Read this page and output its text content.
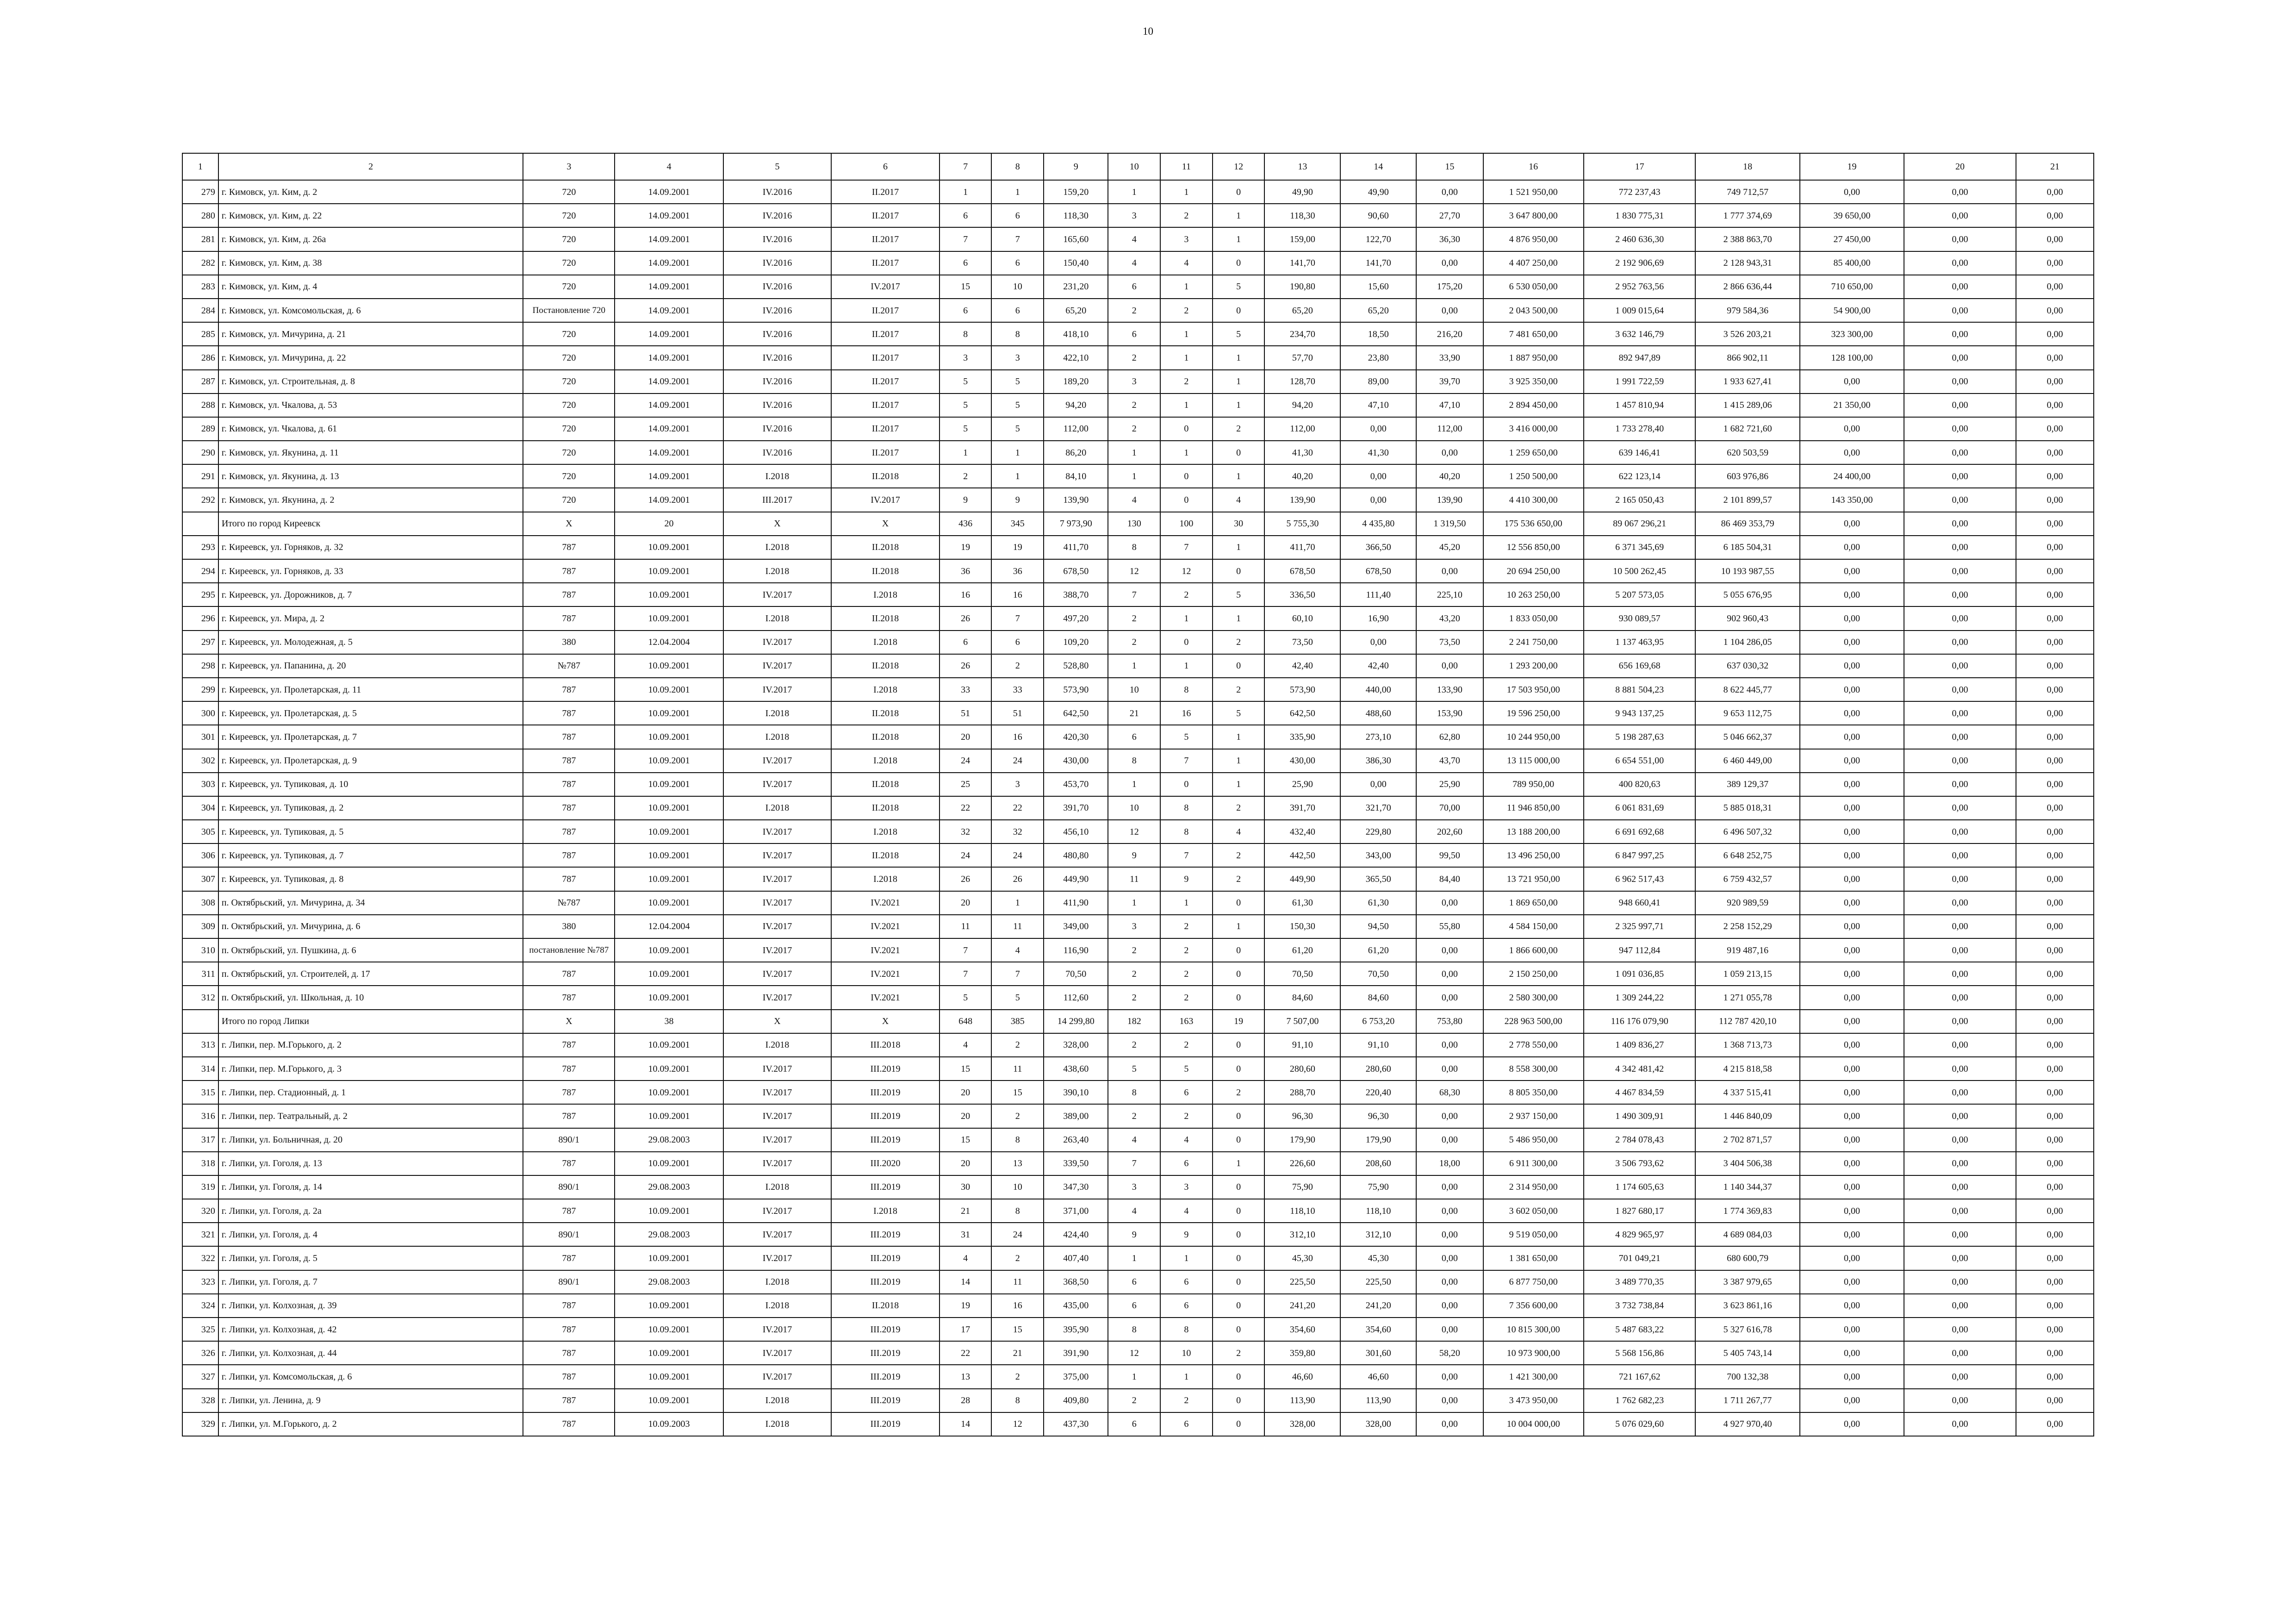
10
1	2	3	4	5	6	7	8	9	10	11	12	13	14	15	16	17	18	19	20	21
279	г. Кимовск, ул. Ким, д. 2	720	14.09.2001	IV.2016	II.2017	1	1	159,20	1	1	0	49,90	49,90	0,00	1 521 950,00	772 237,43	749 712,57	0,00	0,00	0,00
280	г. Кимовск, ул. Ким, д. 22	720	14.09.2001	IV.2016	II.2017	6	6	118,30	3	2	1	118,30	90,60	27,70	3 647 800,00	1 830 775,31	1 777 374,69	39 650,00	0,00	0,00
281	г. Кимовск, ул. Ким, д. 26а	720	14.09.2001	IV.2016	II.2017	7	7	165,60	4	3	1	159,00	122,70	36,30	4 876 950,00	2 460 636,30	2 388 863,70	27 450,00	0,00	0,00
282	г. Кимовск, ул. Ким, д. 38	720	14.09.2001	IV.2016	II.2017	6	6	150,40	4	4	0	141,70	141,70	0,00	4 407 250,00	2 192 906,69	2 128 943,31	85 400,00	0,00	0,00
283	г. Кимовск, ул. Ким, д. 4	720	14.09.2001	IV.2016	IV.2017	15	10	231,20	6	1	5	190,80	15,60	175,20	6 530 050,00	2 952 763,56	2 866 636,44	710 650,00	0,00	0,00
284	г. Кимовск, ул. Комсомольская, д. 6	Постановление 720	14.09.2001	IV.2016	II.2017	6	6	65,20	2	2	0	65,20	65,20	0,00	2 043 500,00	1 009 015,64	979 584,36	54 900,00	0,00	0,00
285	г. Кимовск, ул. Мичурина, д. 21	720	14.09.2001	IV.2016	II.2017	8	8	418,10	6	1	5	234,70	18,50	216,20	7 481 650,00	3 632 146,79	3 526 203,21	323 300,00	0,00	0,00
286	г. Кимовск, ул. Мичурина, д. 22	720	14.09.2001	IV.2016	II.2017	3	3	422,10	2	1	1	57,70	23,80	33,90	1 887 950,00	892 947,89	866 902,11	128 100,00	0,00	0,00
287	г. Кимовск, ул. Строительная, д. 8	720	14.09.2001	IV.2016	II.2017	5	5	189,20	3	2	1	128,70	89,00	39,70	3 925 350,00	1 991 722,59	1 933 627,41	0,00	0,00	0,00
288	г. Кимовск, ул. Чкалова, д. 53	720	14.09.2001	IV.2016	II.2017	5	5	94,20	2	1	1	94,20	47,10	47,10	2 894 450,00	1 457 810,94	1 415 289,06	21 350,00	0,00	0,00
289	г. Кимовск, ул. Чкалова, д. 61	720	14.09.2001	IV.2016	II.2017	5	5	112,00	2	0	2	112,00	0,00	112,00	3 416 000,00	1 733 278,40	1 682 721,60	0,00	0,00	0,00
290	г. Кимовск, ул. Якунина, д. 11	720	14.09.2001	IV.2016	II.2017	1	1	86,20	1	1	0	41,30	41,30	0,00	1 259 650,00	639 146,41	620 503,59	0,00	0,00	0,00
291	г. Кимовск, ул. Якунина, д. 13	720	14.09.2001	I.2018	II.2018	2	1	84,10	1	0	1	40,20	0,00	40,20	1 250 500,00	622 123,14	603 976,86	24 400,00	0,00	0,00
292	г. Кимовск, ул. Якунина, д. 2	720	14.09.2001	III.2017	IV.2017	9	9	139,90	4	0	4	139,90	0,00	139,90	4 410 300,00	2 165 050,43	2 101 899,57	143 350,00	0,00	0,00
	Итого по город Киреевск	X	20	X	X	436	345	7 973,90	130	100	30	5 755,30	4 435,80	1 319,50	175 536 650,00	89 067 296,21	86 469 353,79	0,00	0,00	0,00
293	г. Киреевск, ул. Горняков, д. 32	787	10.09.2001	I.2018	II.2018	19	19	411,70	8	7	1	411,70	366,50	45,20	12 556 850,00	6 371 345,69	6 185 504,31	0,00	0,00	0,00
294	г. Киреевск, ул. Горняков, д. 33	787	10.09.2001	I.2018	II.2018	36	36	678,50	12	12	0	678,50	678,50	0,00	20 694 250,00	10 500 262,45	10 193 987,55	0,00	0,00	0,00
295	г. Киреевск, ул. Дорожников, д. 7	787	10.09.2001	IV.2017	I.2018	16	16	388,70	7	2	5	336,50	111,40	225,10	10 263 250,00	5 207 573,05	5 055 676,95	0,00	0,00	0,00
296	г. Киреевск, ул. Мира, д. 2	787	10.09.2001	I.2018	II.2018	26	7	497,20	2	1	1	60,10	16,90	43,20	1 833 050,00	930 089,57	902 960,43	0,00	0,00	0,00
297	г. Киреевск, ул. Молодежная, д. 5	380	12.04.2004	IV.2017	I.2018	6	6	109,20	2	0	2	73,50	0,00	73,50	2 241 750,00	1 137 463,95	1 104 286,05	0,00	0,00	0,00
298	г. Киреевск, ул. Папанина, д. 20	№787	10.09.2001	IV.2017	II.2018	26	2	528,80	1	1	0	42,40	42,40	0,00	1 293 200,00	656 169,68	637 030,32	0,00	0,00	0,00
299	г. Киреевск, ул. Пролетарская, д. 11	787	10.09.2001	IV.2017	I.2018	33	33	573,90	10	8	2	573,90	440,00	133,90	17 503 950,00	8 881 504,23	8 622 445,77	0,00	0,00	0,00
300	г. Киреевск, ул. Пролетарская, д. 5	787	10.09.2001	I.2018	II.2018	51	51	642,50	21	16	5	642,50	488,60	153,90	19 596 250,00	9 943 137,25	9 653 112,75	0,00	0,00	0,00
301	г. Киреевск, ул. Пролетарская, д. 7	787	10.09.2001	I.2018	II.2018	20	16	420,30	6	5	1	335,90	273,10	62,80	10 244 950,00	5 198 287,63	5 046 662,37	0,00	0,00	0,00
302	г. Киреевск, ул. Пролетарская, д. 9	787	10.09.2001	IV.2017	I.2018	24	24	430,00	8	7	1	430,00	386,30	43,70	13 115 000,00	6 654 551,00	6 460 449,00	0,00	0,00	0,00
303	г. Киреевск, ул. Тупиковая, д. 10	787	10.09.2001	IV.2017	II.2018	25	3	453,70	1	0	1	25,90	0,00	25,90	789 950,00	400 820,63	389 129,37	0,00	0,00	0,00
304	г. Киреевск, ул. Тупиковая, д. 2	787	10.09.2001	I.2018	II.2018	22	22	391,70	10	8	2	391,70	321,70	70,00	11 946 850,00	6 061 831,69	5 885 018,31	0,00	0,00	0,00
305	г. Киреевск, ул. Тупиковая, д. 5	787	10.09.2001	IV.2017	I.2018	32	32	456,10	12	8	4	432,40	229,80	202,60	13 188 200,00	6 691 692,68	6 496 507,32	0,00	0,00	0,00
306	г. Киреевск, ул. Тупиковая, д. 7	787	10.09.2001	IV.2017	II.2018	24	24	480,80	9	7	2	442,50	343,00	99,50	13 496 250,00	6 847 997,25	6 648 252,75	0,00	0,00	0,00
307	г. Киреевск, ул. Тупиковая, д. 8	787	10.09.2001	IV.2017	I.2018	26	26	449,90	11	9	2	449,90	365,50	84,40	13 721 950,00	6 962 517,43	6 759 432,57	0,00	0,00	0,00
308	п. Октябрьский, ул. Мичурина, д. 34	№787	10.09.2001	IV.2017	IV.2021	20	1	411,90	1	1	0	61,30	61,30	0,00	1 869 650,00	948 660,41	920 989,59	0,00	0,00	0,00
309	п. Октябрьский, ул. Мичурина, д. 6	380	12.04.2004	IV.2017	IV.2021	11	11	349,00	3	2	1	150,30	94,50	55,80	4 584 150,00	2 325 997,71	2 258 152,29	0,00	0,00	0,00
310	п. Октябрьский, ул. Пушкина, д. 6	постановление №787	10.09.2001	IV.2017	IV.2021	7	4	116,90	2	2	0	61,20	61,20	0,00	1 866 600,00	947 112,84	919 487,16	0,00	0,00	0,00
311	п. Октябрьский, ул. Строителей, д. 17	787	10.09.2001	IV.2017	IV.2021	7	7	70,50	2	2	0	70,50	70,50	0,00	2 150 250,00	1 091 036,85	1 059 213,15	0,00	0,00	0,00
312	п. Октябрьский, ул. Школьная, д. 10	787	10.09.2001	IV.2017	IV.2021	5	5	112,60	2	2	0	84,60	84,60	0,00	2 580 300,00	1 309 244,22	1 271 055,78	0,00	0,00	0,00
	Итого по город Липки	X	38	X	X	648	385	14 299,80	182	163	19	7 507,00	6 753,20	753,80	228 963 500,00	116 176 079,90	112 787 420,10	0,00	0,00	0,00
313	г. Липки, пер. М.Горького, д. 2	787	10.09.2001	I.2018	III.2018	4	2	328,00	2	2	0	91,10	91,10	0,00	2 778 550,00	1 409 836,27	1 368 713,73	0,00	0,00	0,00
314	г. Липки, пер. М.Горького, д. 3	787	10.09.2001	IV.2017	III.2019	15	11	438,60	5	5	0	280,60	280,60	0,00	8 558 300,00	4 342 481,42	4 215 818,58	0,00	0,00	0,00
315	г. Липки, пер. Стадионный, д. 1	787	10.09.2001	IV.2017	III.2019	20	15	390,10	8	6	2	288,70	220,40	68,30	8 805 350,00	4 467 834,59	4 337 515,41	0,00	0,00	0,00
316	г. Липки, пер. Театральный, д. 2	787	10.09.2001	IV.2017	III.2019	20	2	389,00	2	2	0	96,30	96,30	0,00	2 937 150,00	1 490 309,91	1 446 840,09	0,00	0,00	0,00
317	г. Липки, ул. Больничная, д. 20	890/1	29.08.2003	IV.2017	III.2019	15	8	263,40	4	4	0	179,90	179,90	0,00	5 486 950,00	2 784 078,43	2 702 871,57	0,00	0,00	0,00
318	г. Липки, ул. Гоголя, д. 13	787	10.09.2001	IV.2017	III.2020	20	13	339,50	7	6	1	226,60	208,60	18,00	6 911 300,00	3 506 793,62	3 404 506,38	0,00	0,00	0,00
319	г. Липки, ул. Гоголя, д. 14	890/1	29.08.2003	I.2018	III.2019	30	10	347,30	3	3	0	75,90	75,90	0,00	2 314 950,00	1 174 605,63	1 140 344,37	0,00	0,00	0,00
320	г. Липки, ул. Гоголя, д. 2а	787	10.09.2001	IV.2017	I.2018	21	8	371,00	4	4	0	118,10	118,10	0,00	3 602 050,00	1 827 680,17	1 774 369,83	0,00	0,00	0,00
321	г. Липки, ул. Гоголя, д. 4	890/1	29.08.2003	IV.2017	III.2019	31	24	424,40	9	9	0	312,10	312,10	0,00	9 519 050,00	4 829 965,97	4 689 084,03	0,00	0,00	0,00
322	г. Липки, ул. Гоголя, д. 5	787	10.09.2001	IV.2017	III.2019	4	2	407,40	1	1	0	45,30	45,30	0,00	1 381 650,00	701 049,21	680 600,79	0,00	0,00	0,00
323	г. Липки, ул. Гоголя, д. 7	890/1	29.08.2003	I.2018	III.2019	14	11	368,50	6	6	0	225,50	225,50	0,00	6 877 750,00	3 489 770,35	3 387 979,65	0,00	0,00	0,00
324	г. Липки, ул. Колхозная, д. 39	787	10.09.2001	I.2018	II.2018	19	16	435,00	6	6	0	241,20	241,20	0,00	7 356 600,00	3 732 738,84	3 623 861,16	0,00	0,00	0,00
325	г. Липки, ул. Колхозная, д. 42	787	10.09.2001	IV.2017	III.2019	17	15	395,90	8	8	0	354,60	354,60	0,00	10 815 300,00	5 487 683,22	5 327 616,78	0,00	0,00	0,00
326	г. Липки, ул. Колхозная, д. 44	787	10.09.2001	IV.2017	III.2019	22	21	391,90	12	10	2	359,80	301,60	58,20	10 973 900,00	5 568 156,86	5 405 743,14	0,00	0,00	0,00
327	г. Липки, ул. Комсомольская, д. 6	787	10.09.2001	IV.2017	III.2019	13	2	375,00	1	1	0	46,60	46,60	0,00	1 421 300,00	721 167,62	700 132,38	0,00	0,00	0,00
328	г. Липки, ул. Ленина, д. 9	787	10.09.2001	I.2018	III.2019	28	8	409,80	2	2	0	113,90	113,90	0,00	3 473 950,00	1 762 682,23	1 711 267,77	0,00	0,00	0,00
329	г. Липки, ул. М.Горького, д. 2	787	10.09.2003	I.2018	III.2019	14	12	437,30	6	6	0	328,00	328,00	0,00	10 004 000,00	5 076 029,60	4 927 970,40	0,00	0,00	0,00
